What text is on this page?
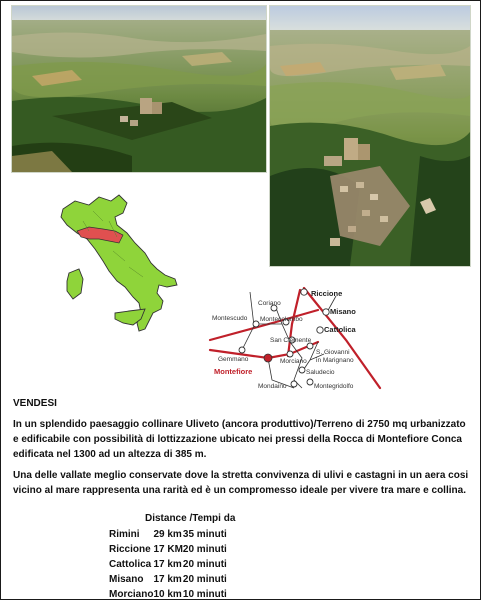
Riccione
Misano
Cattolica
Coriano
Montescudo Montecolombo
San Clemente
Gemmano
Montefiore
Morciano
S. Giovanni in Marignano
Saludecio
Mondaino	Montegridolfo

VENDESI

In un splendido paesaggio collinare Uliveto (ancora produttivo)/Terreno di 2750 mq urbanizzato e edificabile con possibilità di lottizzazione ubicato nei pressi della Rocca di Montefiore Conca edificata nel 1300 ad un altezza di 385 m.

Una delle vallate meglio conservate dove la stretta convivenza di ulivi e castagni in un aera cosi vicino al mare rappresenta una rarità ed è un compromesso ideale per vivere tra mare e collina.

Distance /Tempi da
Rimini	29 km	35 minuti
Riccione	17 KM	20 minuti
Cattolica	17 km	20 minuti
Misano	17 km	20 minuti
Morciano	10 km	10 minuti
